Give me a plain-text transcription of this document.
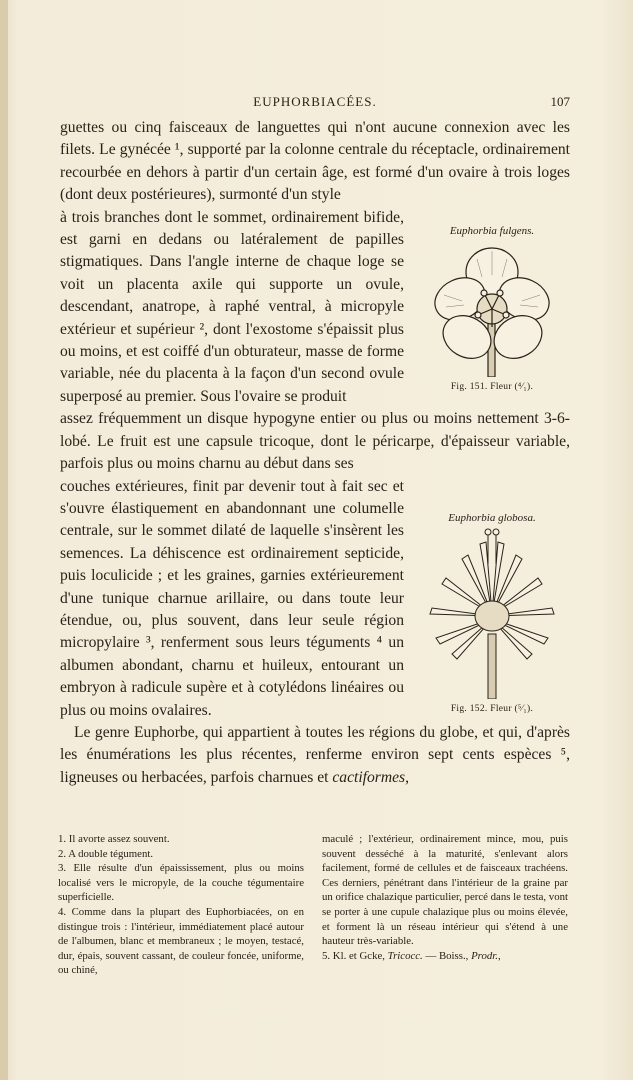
EUPHORBIACÉES.	107

guettes ou cinq faisceaux de languettes qui n'ont aucune connexion avec les filets. Le gynécée ¹, supporté par la colonne centrale du réceptacle, ordinairement recourbée en dehors à partir d'un certain âge, est formé d'un ovaire à trois loges (dont deux postérieures), surmonté d'un style

à trois branches dont le sommet, ordinairement bifide, est garni en dedans ou latéralement de papilles stigmatiques. Dans l'angle interne de chaque loge se voit un placenta axile qui supporte un ovule, descendant, anatrope, à raphé ventral, à micropyle extérieur et supérieur ², dont l'exostome s'épaissit plus ou moins, et est coiffé d'un obturateur, masse de forme variable, née du placenta à la façon d'un second ovule superposé au premier. Sous l'ovaire se produit

assez fréquemment un disque hypogyne entier ou plus ou moins nettement 3-6-lobé. Le fruit est une capsule tricoque, dont le péricarpe, d'épaisseur variable, parfois plus ou moins charnu au début dans ses

couches extérieures, finit par devenir tout à fait sec et s'ouvre élastiquement en abandonnant une columelle centrale, sur le sommet dilaté de laquelle s'insèrent les semences. La déhiscence est ordinairement septicide, puis loculicide ; et les graines, garnies extérieurement d'une tunique charnue arillaire, ou dans toute leur étendue, ou, plus souvent, dans leur seule région micropylaire ³, renferment sous leurs téguments ⁴ un albumen abondant, charnu et huileux, entourant un embryon à radicule supère et à cotylédons linéaires ou plus ou moins ovalaires.

Le genre Euphorbe, qui appartient à toutes les régions du globe, et qui, d'après les énumérations les plus récentes, renferme environ sept cents espèces ⁵, ligneuses ou herbacées, parfois charnues et cactiformes,

Euphorbia fulgens.
Fig. 151. Fleur (⁴⁄₁).
Euphorbia globosa.
Fig. 152. Fleur (⁵⁄₁).

1. Il avorte assez souvent.

2. A double tégument.

3. Elle résulte d'un épaississement, plus ou moins localisé vers le micropyle, de la couche tégumentaire superficielle.

4. Comme dans la plupart des Euphorbiacées, on en distingue trois : l'intérieur, immédiatement placé autour de l'albumen, blanc et membraneux ; le moyen, testacé, dur, épais, souvent cassant, de couleur foncée, uniforme, ou chiné,

maculé ; l'extérieur, ordinairement mince, mou, puis souvent desséché à la maturité, s'enlevant alors facilement, formé de cellules et de faisceaux trachéens. Ces derniers, pénétrant dans l'intérieur de la graine par un orifice chalazique particulier, percé dans le testa, vont se porter à une cupule chalazique plus ou moins élevée, et forment là un réseau intérieur qui s'étend à une hauteur très-variable.

5. Kl. et Gcke, Tricocc. — Boiss., Prodr.,
